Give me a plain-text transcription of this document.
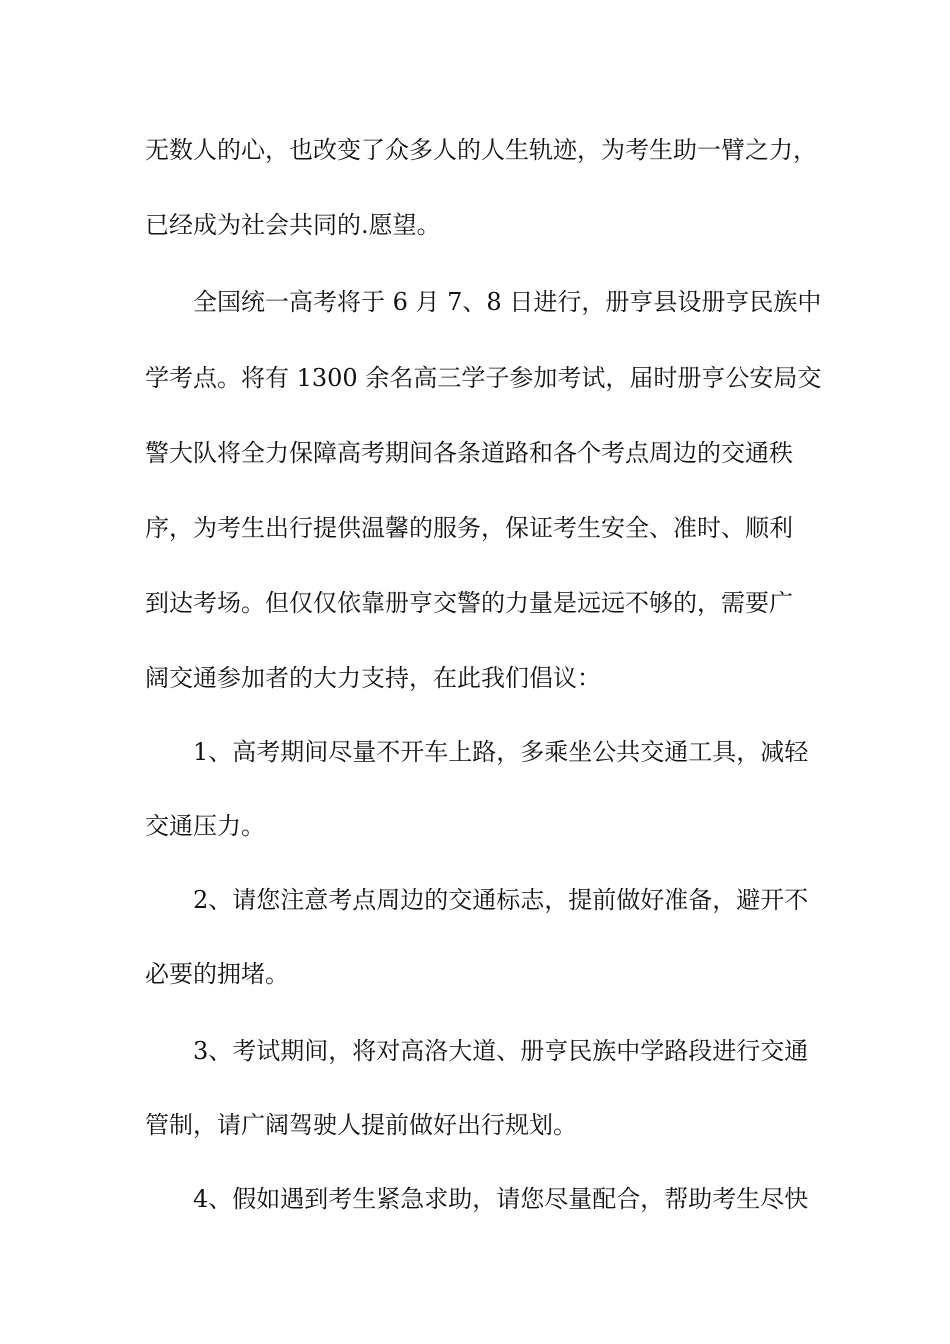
无数人的心，也改变了众多人的人生轨迹，为考生助一臂之力，
已经成为社会共同的.愿望。
　　全国统一高考将于 6 月 7、8 日进行，册亨县设册亨民族中
学考点。将有 1300 余名高三学子参加考试，届时册亨公安局交
警大队将全力保障高考期间各条道路和各个考点周边的交通秩
序，为考生出行提供温馨的服务，保证考生安全、准时、顺利
到达考场。但仅仅依靠册亨交警的力量是远远不够的，需要广
阔交通参加者的大力支持，在此我们倡议：
　　1、高考期间尽量不开车上路，多乘坐公共交通工具，减轻
交通压力。
　　2、请您注意考点周边的交通标志，提前做好准备，避开不
必要的拥堵。
　　3、考试期间，将对高洛大道、册亨民族中学路段进行交通
管制，请广阔驾驶人提前做好出行规划。
　　4、假如遇到考生紧急求助，请您尽量配合，帮助考生尽快
